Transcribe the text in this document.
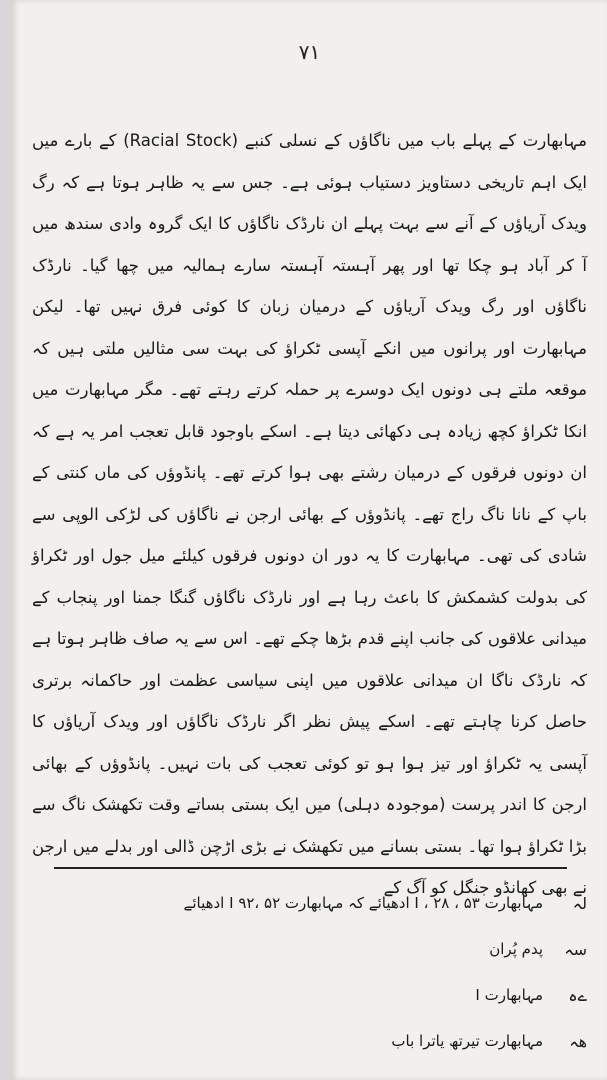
۷۱

مہابھارت کے پہلے باب میں ناگاؤں کے نسلی کنبے (Racial Stock) کے بارے میں ایک اہم تاریخی دستاویز دستیاب ہوئی ہے۔ جس سے یہ ظاہر ہوتا ہے کہ رگ ویدک آریاؤں کے آنے سے بہت پہلے ان نارڈک ناگاؤں کا ایک گروہ وادی سندھ میں آ کر آباد ہو چکا تھا اور پھر آہستہ آہستہ سارے ہمالیہ میں چھا گیا۔ نارڈک ناگاؤں اور رگ ویدک آریاؤں کے درمیان زبان کا کوئی فرق نہیں تھا۔ لیکن مہابھارت اور پرانوں میں انکے آپسی ٹکراؤ کی بہت سی مثالیں ملتی ہیں کہ موقعہ ملتے ہی دونوں ایک دوسرے پر حملہ کرتے رہتے تھے۔ مگر مہابھارت میں انکا ٹکراؤ کچھ زیادہ ہی دکھائی دیتا ہے۔ اسکے باوجود قابل تعجب امر یہ ہے کہ ان دونوں فرقوں کے درمیان رشتے بھی ہوا کرتے تھے۔ پانڈوؤں کی ماں کنتی کے باپ کے نانا ناگ راج تھے۔ پانڈوؤں کے بھائی ارجن نے ناگاؤں کی لڑکی الوپی سے شادی کی تھی۔ مہابھارت کا یہ دور ان دونوں فرقوں کیلئے میل جول اور ٹکراؤ کی بدولت کشمکش کا باعث رہا ہے اور نارڈک ناگاؤں گنگا جمنا اور پنجاب کے میدانی علاقوں کی جانب اپنے قدم بڑھا چکے تھے۔ اس سے یہ صاف ظاہر ہوتا ہے کہ نارڈک ناگا ان میدانی علاقوں میں اپنی سیاسی عظمت اور حاکمانہ برتری حاصل کرنا چاہتے تھے۔ اسکے پیش نظر اگر نارڈک ناگاؤں اور ویدک آریاؤں کا آپسی یہ ٹکراؤ اور تیز ہوا ہو تو کوئی تعجب کی بات نہیں۔ پانڈوؤں کے بھائی ارجن کا اندر پرست (موجودہ دہلی) میں ایک بستی بساتے وقت تکھشک ناگ سے بڑا ٹکراؤ ہوا تھا۔ بستی بسانے میں تکھشک نے بڑی اڑچن ڈالی اور بدلے میں ارجن نے بھی کھانڈو جنگل کو آگ کے

لہ
مہابھارت I ، ۲۸ ، ۵۳ ادھیائے کہ مہابھارت I ۹۲، ۵۲ ادھیائے
سہ
پدم پُران
ےہ
مہابھارت I
ھہ
مہابھارت تیرتھ یاترا باب
